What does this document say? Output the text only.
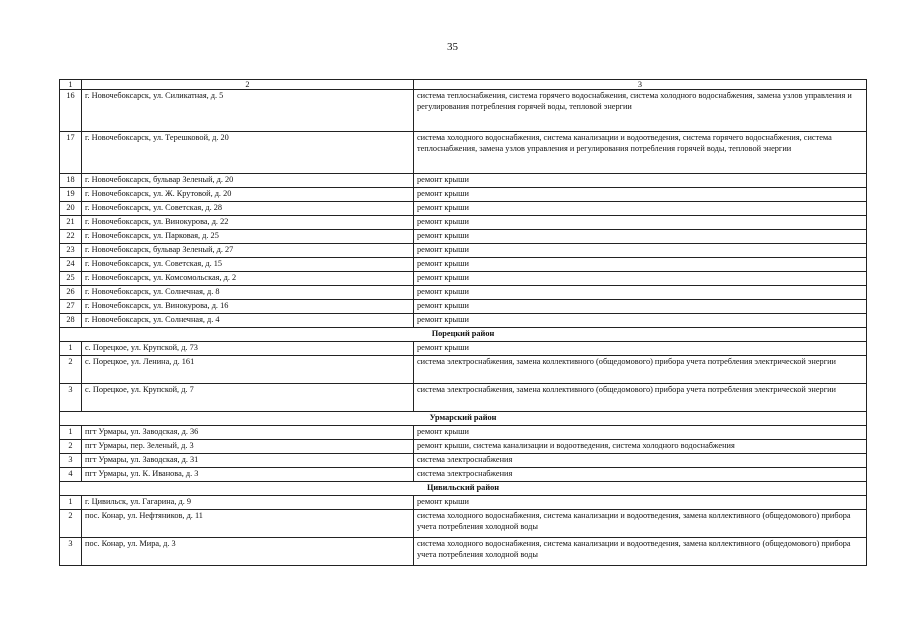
35
1	2	3
16	г. Новочебоксарск, ул. Силикатная, д. 5	система теплоснабжения, система горячего водоснабжения, система холодного водоснабжения, замена узлов управления и регулирования потребления горячей воды, тепловой энергии
17	г. Новочебоксарск, ул. Терешковой, д. 20	система холодного водоснабжения, система канализации и водоотведения, система горячего водоснабжения, система теплоснабжения, замена узлов управления и регулирования потребления горячей воды, тепловой энергии
18	г. Новочебоксарск, бульвар Зеленый, д. 20	ремонт крыши
19	г. Новочебоксарск, ул. Ж. Крутовой, д. 20	ремонт крыши
20	г. Новочебоксарск, ул. Советская, д. 28	ремонт крыши
21	г. Новочебоксарск, ул. Винокурова, д. 22	ремонт крыши
22	г. Новочебоксарск, ул. Парковая, д. 25	ремонт крыши
23	г. Новочебоксарск, бульвар Зеленый, д. 27	ремонт крыши
24	г. Новочебоксарск, ул. Советская, д. 15	ремонт крыши
25	г. Новочебоксарск, ул. Комсомольская, д. 2	ремонт крыши
26	г. Новочебоксарск, ул. Солнечная, д. 8	ремонт крыши
27	г. Новочебоксарск, ул. Винокурова, д. 16	ремонт крыши
28	г. Новочебоксарск, ул. Солнечная, д. 4	ремонт крыши
Порецкий район		
1	с. Порецкое, ул. Крупской, д. 73	ремонт крыши
2	с. Порецкое, ул. Ленина, д. 161	система электроснабжения, замена коллективного (общедомового) прибора учета потребления электрической энергии
3	с. Порецкое, ул. Крупской, д. 7	система электроснабжения, замена коллективного (общедомового) прибора учета потребления электрической энергии
Урмарский район		
1	пгт Урмары, ул. Заводская, д. 36	ремонт крыши
2	пгт Урмары, пер. Зеленый, д. 3	ремонт крыши, система канализации и водоотведения, система холодного водоснабжения
3	пгт Урмары, ул. Заводская, д. 31	система электроснабжения
4	пгт Урмары, ул. К. Иванова, д. 3	система электроснабжения
Цивильский район		
1	г. Цивильск, ул. Гагарина, д. 9	ремонт крыши
2	пос. Конар, ул. Нефтяников, д. 11	система холодного водоснабжения, система канализации и водоотведения, замена коллективного (общедомового) прибора учета потребления холодной воды
3	пос. Конар, ул. Мира, д. 3	система холодного водоснабжения, система канализации и водоотведения, замена коллективного (общедомового) прибора учета потребления холодной воды
